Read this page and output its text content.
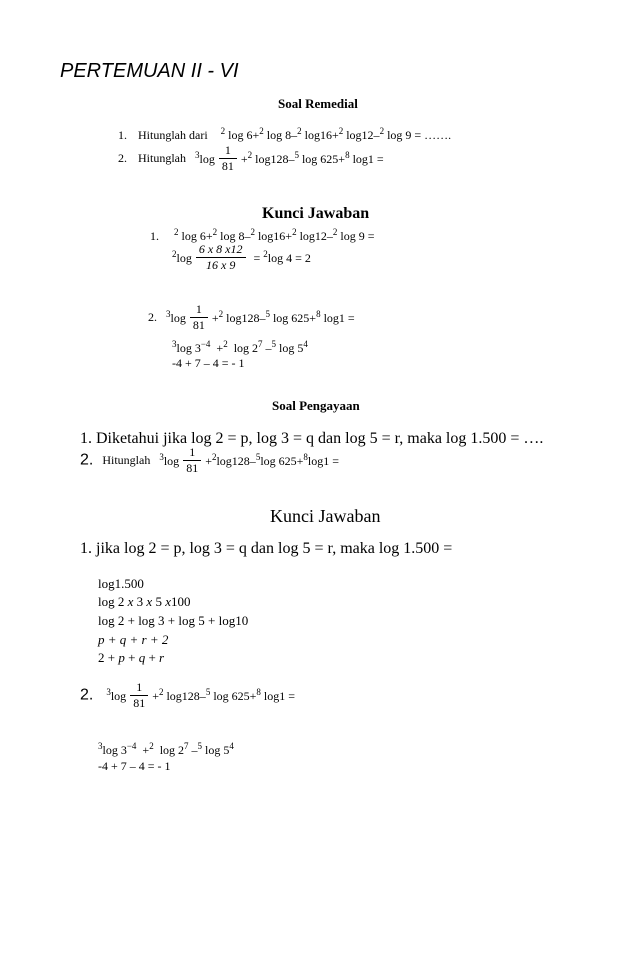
PERTEMUAN II - VI
Soal Remedial
1. Hitunglah dari $^2$ log 6+$^2$ log 8–$^2$ log16+$^2$ log12–$^2$ log 9 = …….
2. Hitunglah $^3\log \frac{1}{81} +^2$ log128–$^5$ log 625+$^8$ log1 =
Kunci Jawaban
1. $^2$ log 6+$^2$ log 8–$^2$ log16+$^2$ log12–$^2$ log 9 =
$^2\log \frac{6 x 8 x12}{16 x 9} = ^2\log$ 4 = 2
2. $^3\log \frac{1}{81} +^2$ log128–$^5$ log 625+$^8$ log1 =
$^3$log $3^{-4} +^2$  $\log 2^7$ –$^5$ $\log 5^4$
-4 + 7 – 4 = - 1
Soal Pengayaan
1. Diketahui jika log 2 = p, log 3 = q dan log 5 = r, maka log 1.500 = ….
2. Hitunglah $^3\log \frac{1}{81} +^2\log 128-^5\log$ 625+$^8$log1 =
Kunci Jawaban
1. jika log 2 = p, log 3 = q dan log 5 = r, maka log 1.500 =
log1.500
log 2 x 3 x 5 x100
log 2 + log 3 + log 5 + log10
p + q + r + 2
2 + p + q + r
2. $^3\log \frac{1}{81} +^2$ log128–$^5$ log 625+$^8$ log1 =
$^3$log $3^{-4} +^2$  $\log 2^7$ –$^5$ $\log 5^4$
-4 + 7 – 4 = - 1
